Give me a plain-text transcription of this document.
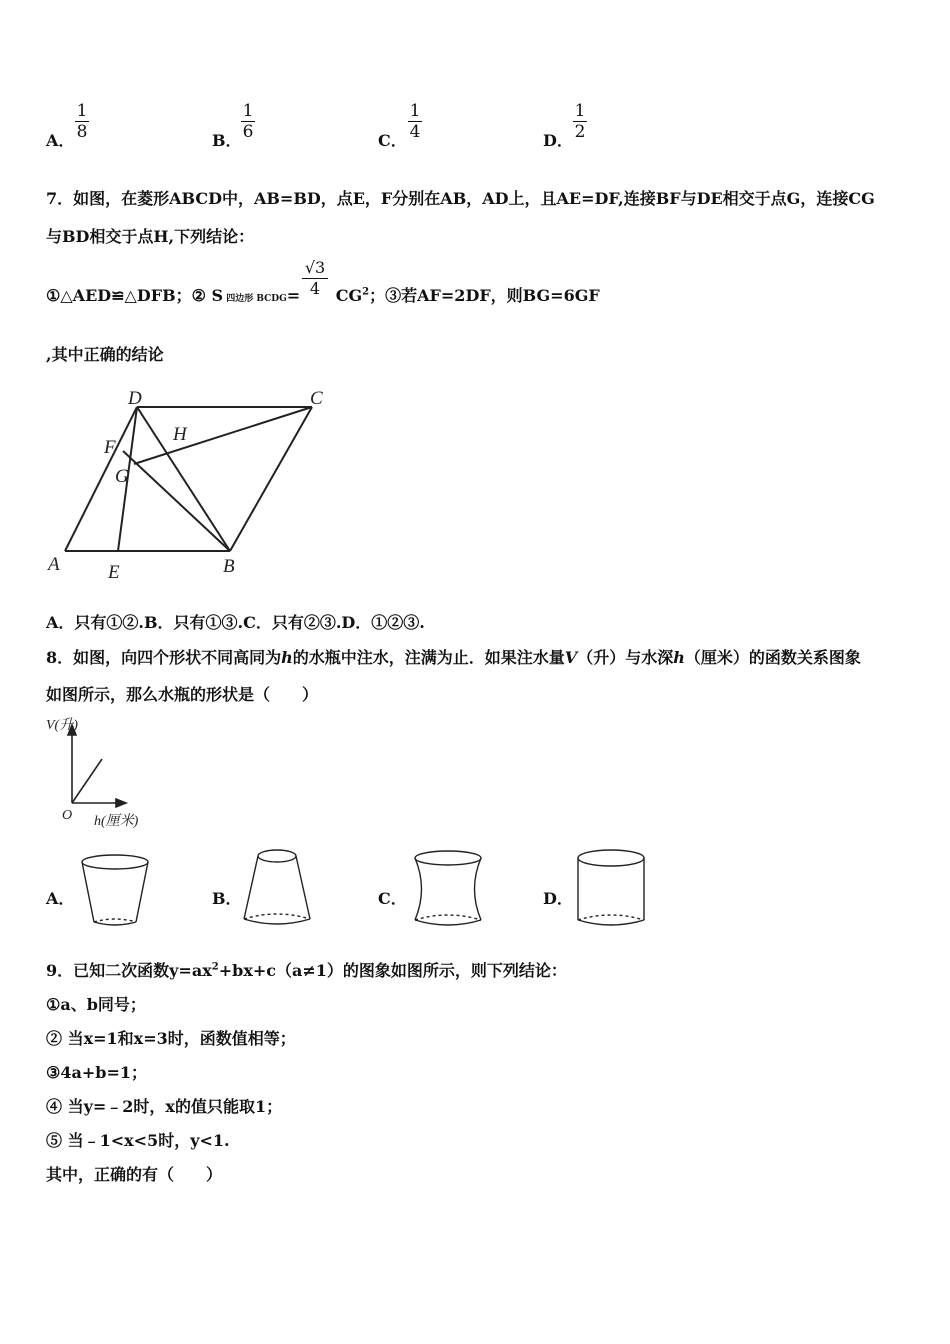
A． $\frac{1}{8}$	B． $\frac{1}{6}$	C． $\frac{1}{4}$	D． $\frac{1}{2}$
7．如图，在菱形ABCD中，AB=BD，点E，F分别在AB，AD上，且AE=DF,连接BF与DE相交于点G，连接CG
与BD相交于点H,下列结论：
①△AED≌△DFB；② S 四边形 BCDG= $CG^2$；③若AF=2DF，则BG=6GF
$\frac{√3}{4}$
,其中正确的结论
D	C
H
F
G
A	E	B
A．只有①②.B．只有①③.C．只有②③.D．①②③.
8．如图，向四个形状不同高同为h的水瓶中注水，注满为止．如果注水量V（升）与水深h（厘米）的函数关系图象
如图所示，那么水瓶的形状是（　　）
V(升)
O h(厘米)
A．	B．	C．	D．
9．已知二次函数$y=ax^2+bx+c(a\ne 1)$的图象如图所示，则下列结论：
①a、b同号；
② 当x=1和x=3时，函数值相等；
③4a+b=1；
④ 当y=﹣2时，x的值只能取1；
⑤ 当﹣1<x<5时，y<1.
其中，正确的有（　　）
